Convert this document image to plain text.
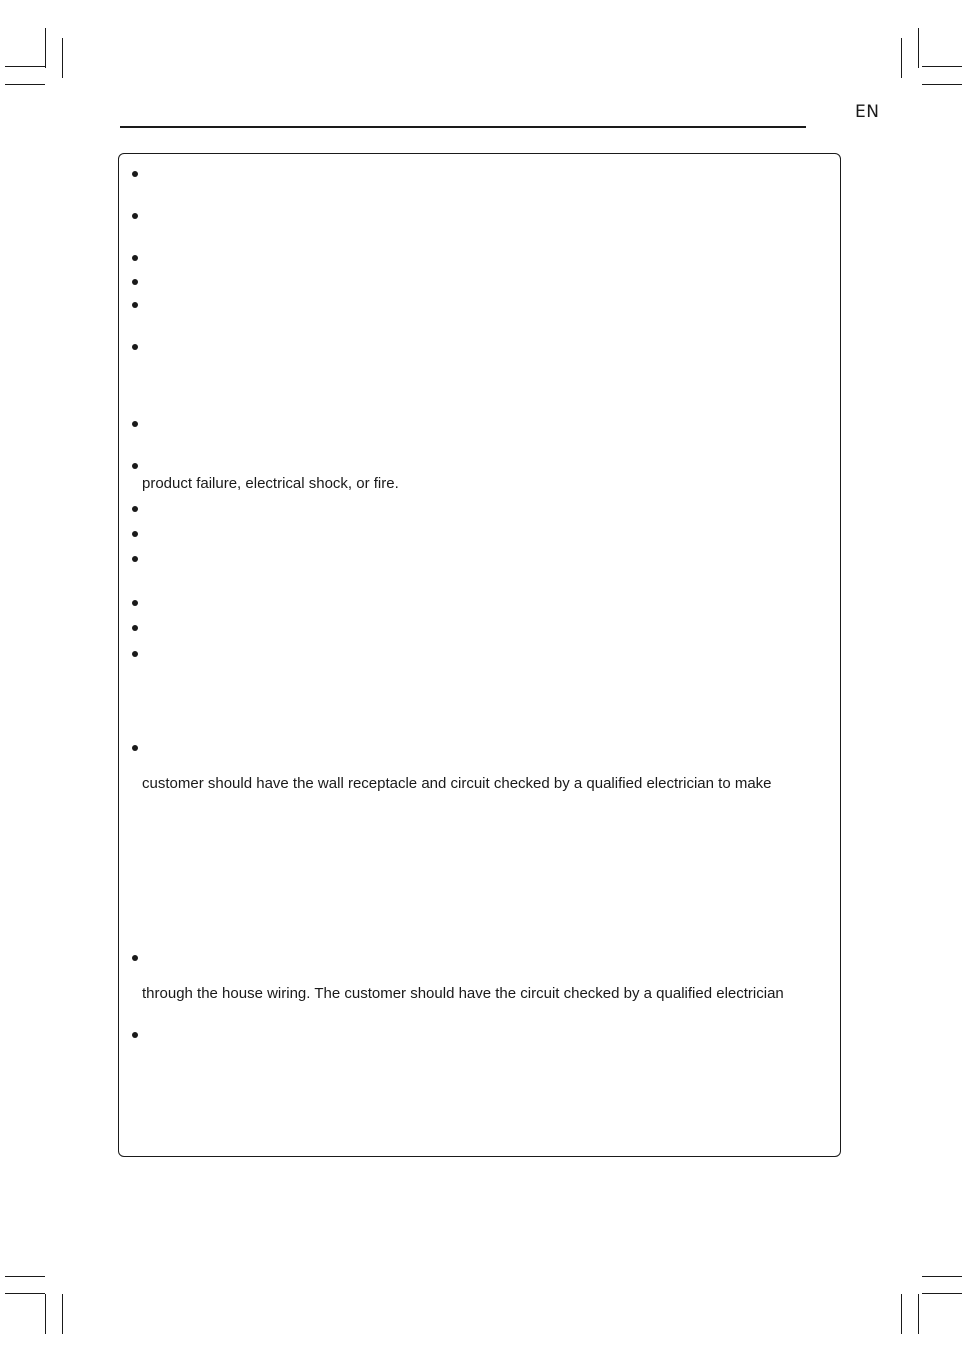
EN
product failure, electrical shock, or fire.
customer should have the wall receptacle and circuit checked by a qualified electrician to make
through the house wiring. The customer should have the circuit checked by a qualified electrician
